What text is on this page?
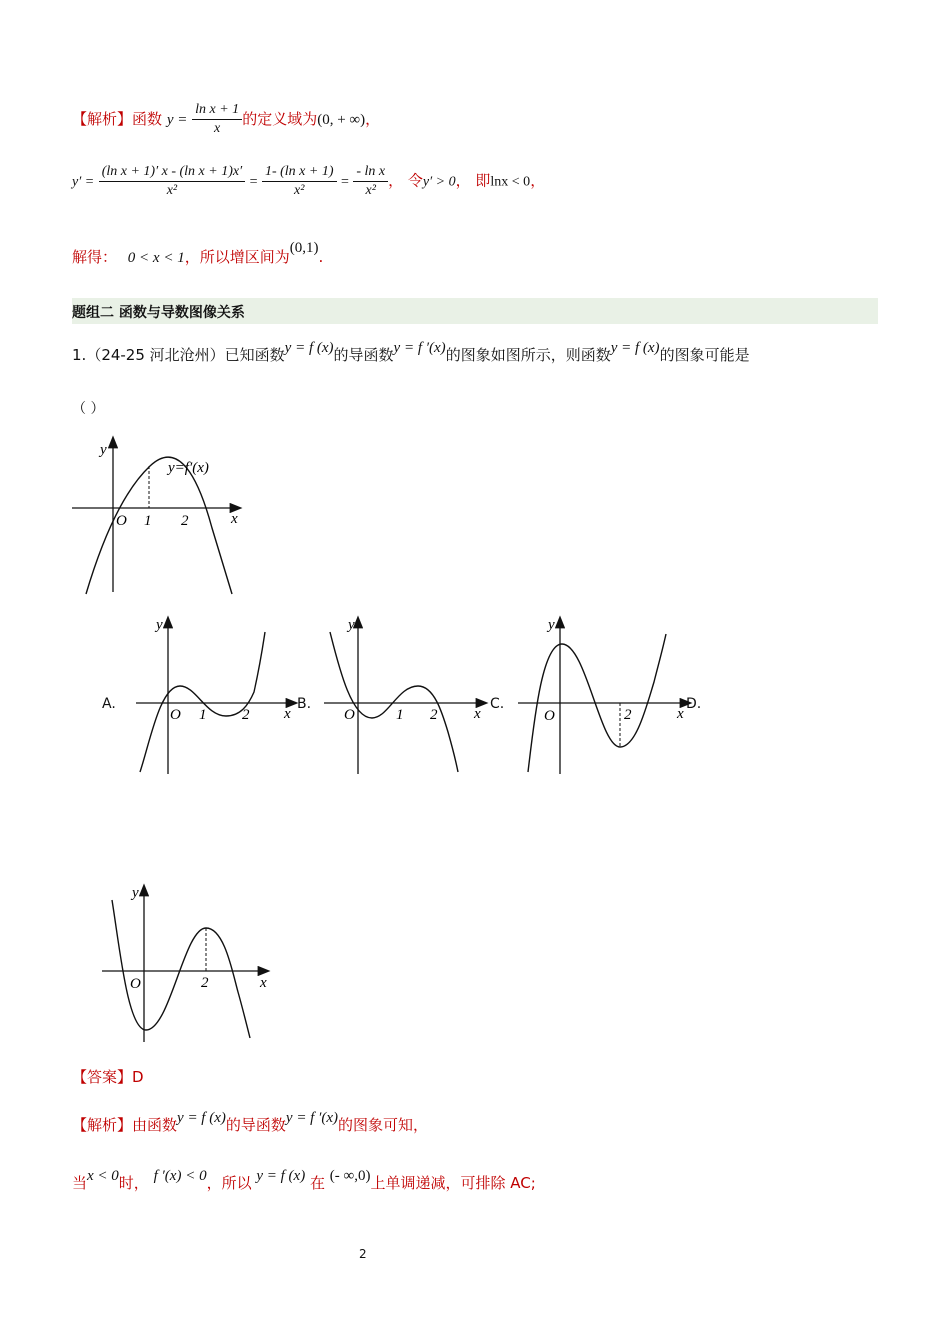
【解析】函数 $y = \frac{\text{ln x + 1}}{x}$ 的定义域为(0, + ∞)，
$y' = \frac{\text{(ln x + 1)′ x - (ln x + 1)x′}}{\text{x²}} = \frac{\text{1- (ln x + 1)}}{\text{x²}} = \frac{\text{- ln x}}{\text{x²}}$ ， 令y′ > 0， 即lnx < 0，
解得： 0 < x < 1，所以增区间为(0,1).
题组二 函数与导数图像关系
1.（24-25 河北沧州）已知函数y = f (x)的导函数y = f ′(x)的图象如图所示，则函数y = f (x)的图象可能是
（ ）
y
x
O 1 2
y=f′(x)
A.
y
x
O 1 2
B.
y
x
O	1 2
C.
y
x
O	2
D.
y
x
O	2
【答案】D
【解析】由函数y = f (x)的导函数y = f ′(x)的图象可知，
当x < 0时， f ′(x) < 0，所以 y = f (x) 在 (- ∞,0)上单调递减，可排除 AC;
2
